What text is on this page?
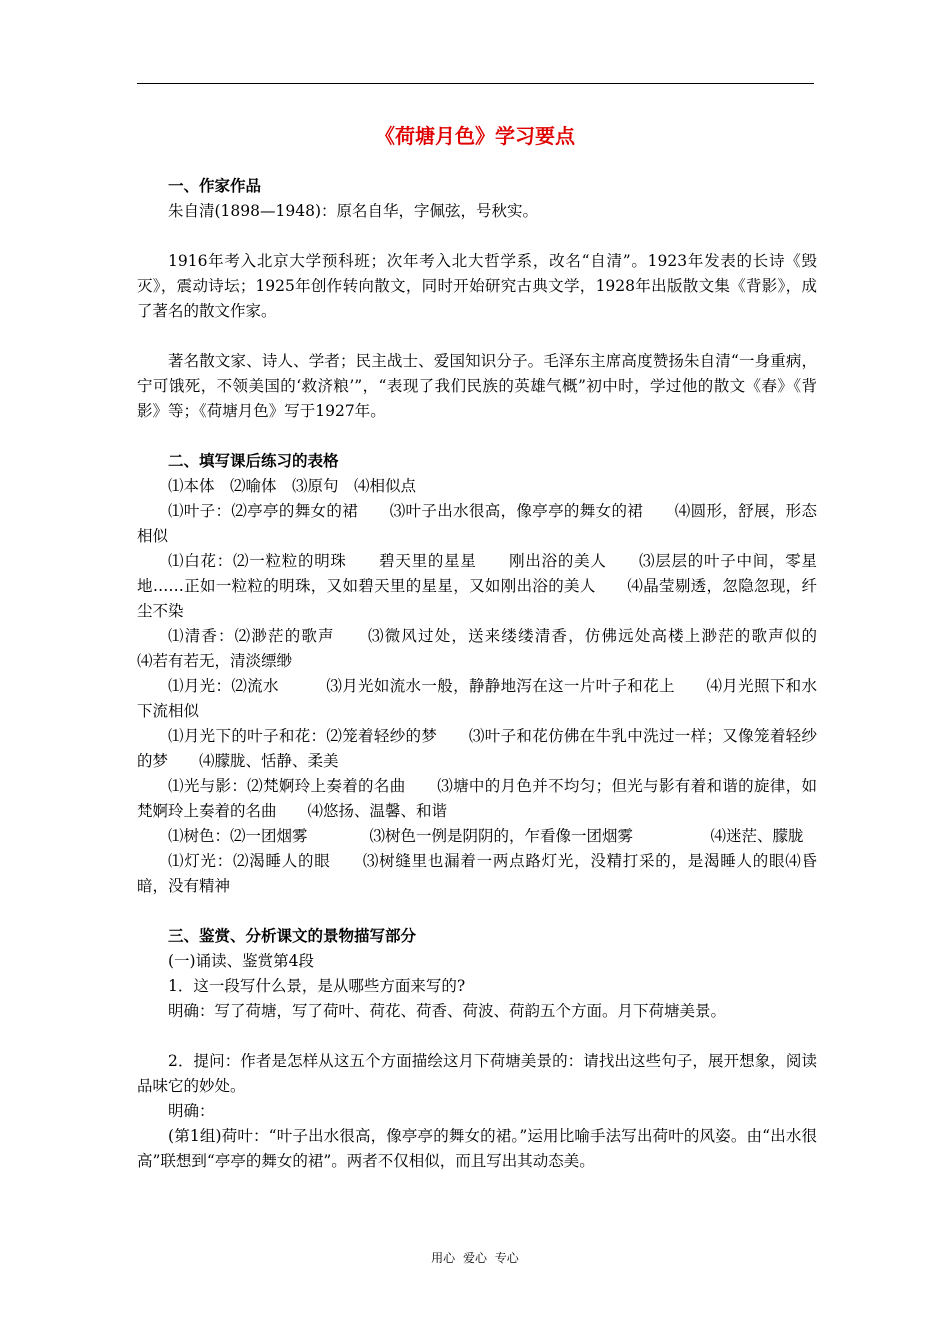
《荷塘月色》学习要点
一、作家作品

朱自清(1898—1948)：原名自华，字佩弦，号秋实。

1916年考入北京大学预科班；次年考入北大哲学系，改名“自清”。1923年发表的长诗《毁灭》，震动诗坛；1925年创作转向散文，同时开始研究古典文学，1928年出版散文集《背影》，成了著名的散文作家。

著名散文家、诗人、学者；民主战士、爱国知识分子。毛泽东主席高度赞扬朱自清“一身重病，宁可饿死，不领美国的‘救济粮’”，“表现了我们民族的英雄气概”初中时，学过他的散文《春》《背影》等；《荷塘月色》写于1927年。

二、填写课后练习的表格

⑴本体　⑵喻体　⑶原句　⑷相似点

⑴叶子：⑵亭亭的舞女的裙　　⑶叶子出水很高，像亭亭的舞女的裙　　⑷圆形，舒展，形态相似

⑴白花：⑵一粒粒的明珠　　碧天里的星星　　刚出浴的美人　　⑶层层的叶子中间，零星地……正如一粒粒的明珠，又如碧天里的星星，又如刚出浴的美人　　⑷晶莹剔透，忽隐忽现，纤尘不染

⑴清香：⑵渺茫的歌声　　⑶微风过处，送来缕缕清香，仿佛远处高楼上渺茫的歌声似的　　⑷若有若无，清淡缥缈

⑴月光：⑵流水　　　⑶月光如流水一般，静静地泻在这一片叶子和花上　　⑷月光照下和水下流相似

⑴月光下的叶子和花：⑵笼着轻纱的梦　　⑶叶子和花仿佛在牛乳中洗过一样；又像笼着轻纱的梦　　⑷朦胧、恬静、柔美

⑴光与影：⑵梵婀玲上奏着的名曲　　⑶塘中的月色并不均匀；但光与影有着和谐的旋律，如梵婀玲上奏着的名曲　　⑷悠扬、温馨、和谐

⑴树色：⑵一团烟雾　　　　⑶树色一例是阴阴的，乍看像一团烟雾　　　　　⑷迷茫、朦胧

⑴灯光：⑵渴睡人的眼　　⑶树缝里也漏着一两点路灯光，没精打采的，是渴睡人的眼⑷昏暗，没有精神

三、鉴赏、分析课文的景物描写部分

(一)诵读、鉴赏第4段

1．这一段写什么景，是从哪些方面来写的?

明确：写了荷塘，写了荷叶、荷花、荷香、荷波、荷韵五个方面。月下荷塘美景。

2．提问：作者是怎样从这五个方面描绘这月下荷塘美景的：请找出这些句子，展开想象，阅读品味它的妙处。

明确：

(第1组)荷叶：“叶子出水很高，像亭亭的舞女的裙。”运用比喻手法写出荷叶的风姿。由“出水很高”联想到“亭亭的舞女的裙”。两者不仅相似，而且写出其动态美。

用心 爱心 专心
